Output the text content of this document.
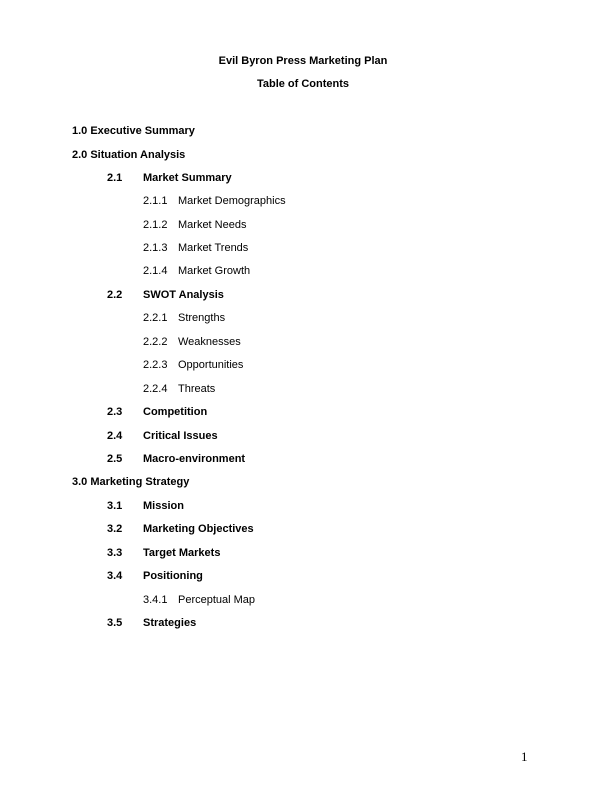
Evil Byron Press Marketing Plan
Table of Contents
1.0 Executive Summary
2.0 Situation Analysis
2.1 Market Summary
2.1.1 Market Demographics
2.1.2 Market Needs
2.1.3 Market Trends
2.1.4 Market Growth
2.2 SWOT Analysis
2.2.1 Strengths
2.2.2 Weaknesses
2.2.3 Opportunities
2.2.4 Threats
2.3 Competition
2.4 Critical Issues
2.5 Macro-environment
3.0 Marketing Strategy
3.1 Mission
3.2 Marketing Objectives
3.3 Target Markets
3.4 Positioning
3.4.1 Perceptual Map
3.5 Strategies
1
